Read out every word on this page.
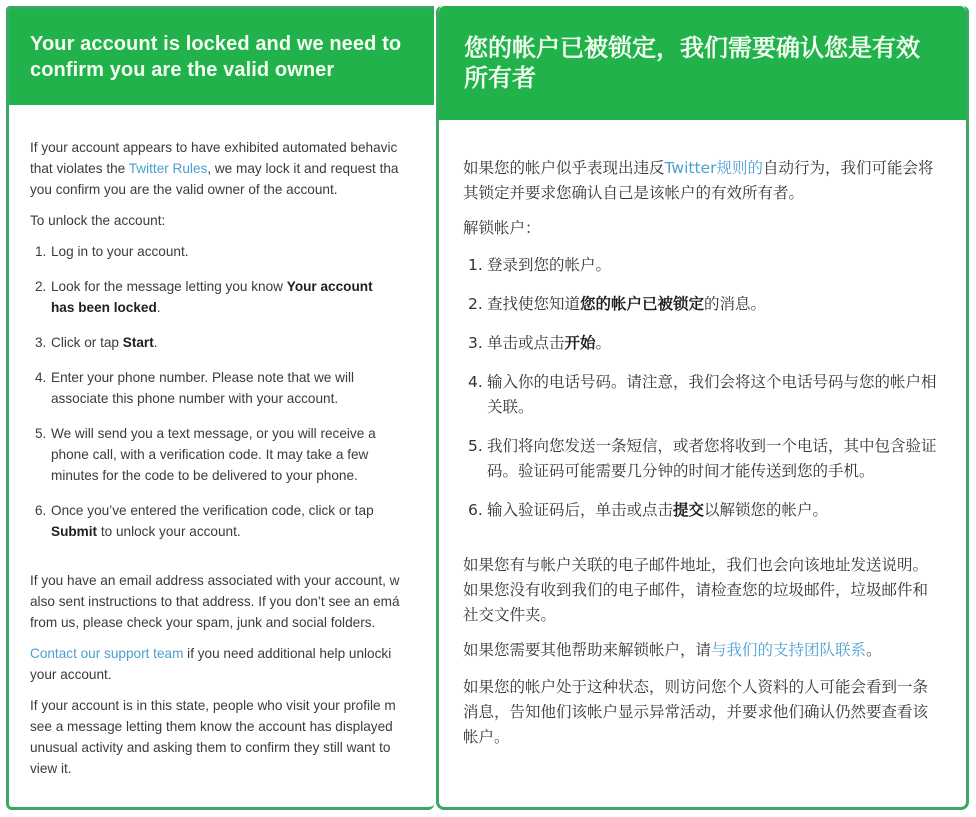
Your account is locked and we need to
confirm you are the valid owner
If your account appears to have exhibited automated behavic
that violates the Twitter Rules, we may lock it and request tha
you confirm you are the valid owner of the account.
To unlock the account:
1. Log in to your account.
2. Look for the message letting you know Your account
has been locked.
3. Click or tap Start.
4. Enter your phone number. Please note that we will
associate this phone number with your account.
5. We will send you a text message, or you will receive a
phone call, with a verification code. It may take a few
minutes for the code to be delivered to your phone.
6. Once you’ve entered the verification code, click or tap
Submit to unlock your account.
If you have an email address associated with your account, w
also sent instructions to that address. If you don’t see an emá
from us, please check your spam, junk and social folders.
Contact our support team if you need additional help unlocki
your account.
If your account is in this state, people who visit your profile m
see a message letting them know the account has displayed
unusual activity and asking them to confirm they still want to
view it.
您的帐户已被锁定，我们需要确认您是有效
所有者
如果您的帐户似乎表现出违反Twitter规则的自动行为，我们可能会将其锁定并要求您确认自己是该帐户的有效所有者。
解锁帐户：
1. 登录到您的帐户。
2. 查找使您知道您的帐户已被锁定的消息。
3. 单击或点击开始。
4. 输入你的电话号码。请注意，我们会将这个电话号码与您的帐户相关联。
5. 我们将向您发送一条短信，或者您将收到一个电话，其中包含验证码。验证码可能需要几分钟的时间才能传送到您的手机。
6. 输入验证码后，单击或点击提交以解锁您的帐户。
如果您有与帐户关联的电子邮件地址，我们也会向该地址发送说明。如果您没有收到我们的电子邮件，请检查您的垃圾邮件，垃圾邮件和社交文件夹。
如果您需要其他帮助来解锁帐户，请与我们的支持团队联系。
如果您的帐户处于这种状态，则访问您个人资料的人可能会看到一条消息，告知他们该帐户显示异常活动，并要求他们确认仍然要查看该帐户。
